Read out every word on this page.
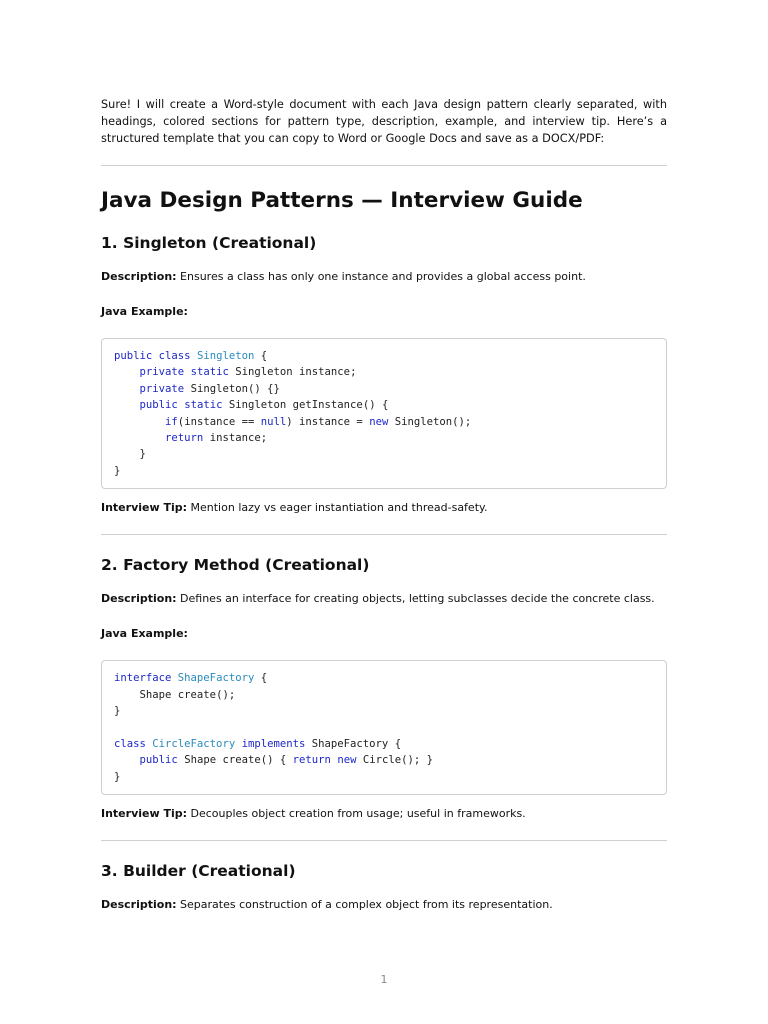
Sure! I will create a Word-style document with each Java design pattern clearly separated, with headings, colored sections for pattern type, description, example, and interview tip. Here’s a structured template that you can copy to Word or Google Docs and save as a DOCX/PDF:

Java Design Patterns — Interview Guide
1. Singleton (Creational)

Description: Ensures a class has only one instance and provides a global access point.

Java Example:

public class Singleton {
private static Singleton instance;
private Singleton() {}
public static Singleton getInstance() {
if(instance == null) instance = new Singleton();
return instance;
}
}

Interview Tip: Mention lazy vs eager instantiation and thread-safety.

2. Factory Method (Creational)

Description: Defines an interface for creating objects, letting subclasses decide the concrete class.

Java Example:

interface ShapeFactory {
Shape create();
}

class CircleFactory implements ShapeFactory {
public Shape create() { return new Circle(); }
}

Interview Tip: Decouples object creation from usage; useful in frameworks.

3. Builder (Creational)

Description: Separates construction of a complex object from its representation.

1
